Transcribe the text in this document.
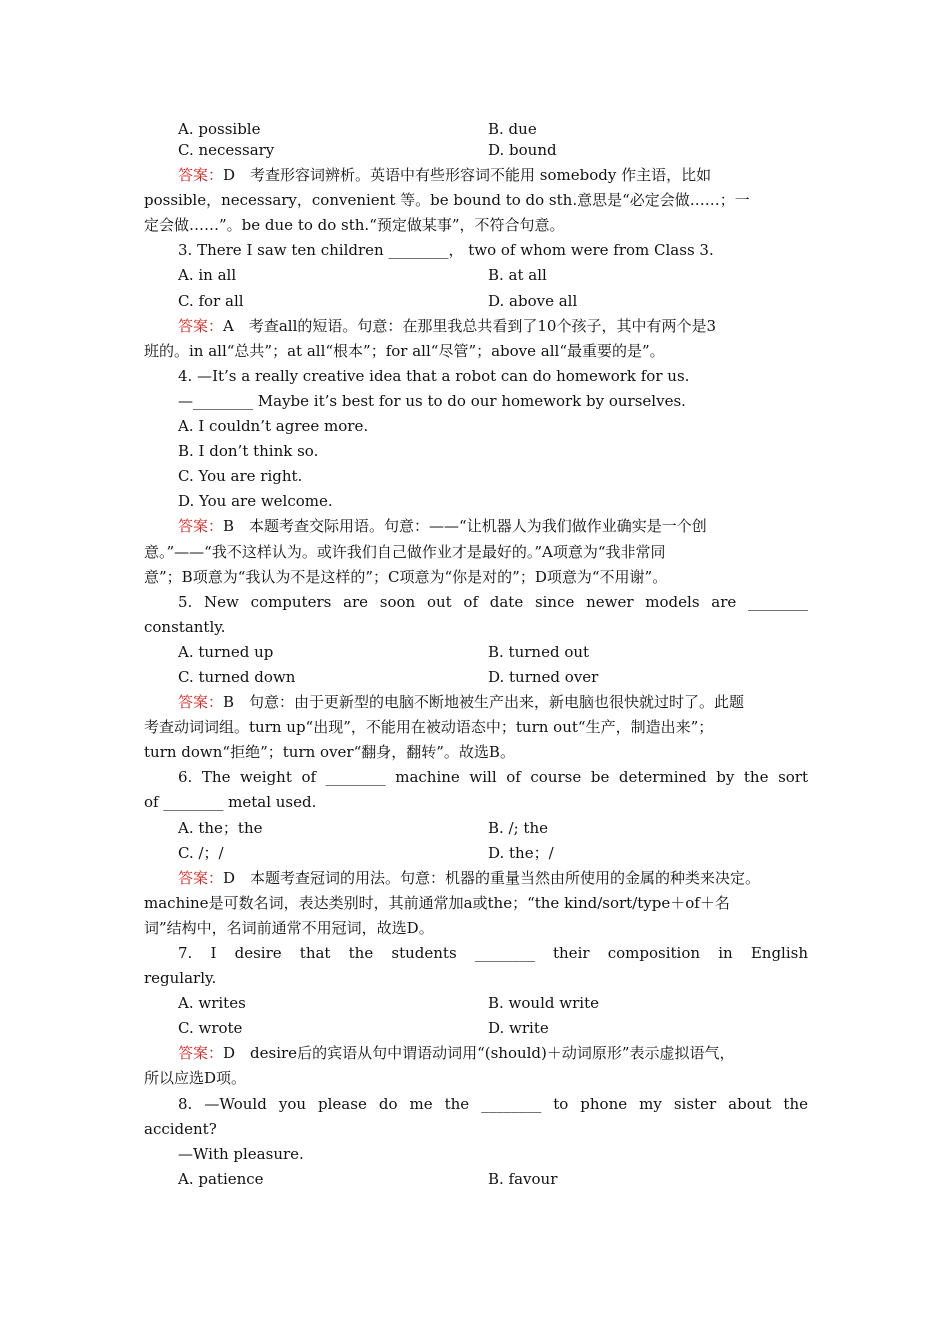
A. possible	B. due
C. necessary	D. bound
答案：D　考查形容词辨析。英语中有些形容词不能用 somebody 作主语，比如
possible，necessary，convenient 等。be bound to do sth.意思是“必定会做……；一
定会做……”。be due to do sth.“预定做某事”，不符合句意。
3. There I saw ten children ________， two of whom were from Class 3.
A. in all	B. at all
C. for all	D. above all
答案：A　考查all的短语。句意：在那里我总共看到了10个孩子，其中有两个是3
班的。in all“总共”；at all“根本”；for all“尽管”；above all“最重要的是”。
4. —It’s a really creative idea that a robot can do homework for us.
—________ Maybe it’s best for us to do our homework by ourselves.
A. I couldn’t agree more.
B. I don’t think so.
C. You are right.
D. You are welcome.
答案：B　本题考查交际用语。句意：——“让机器人为我们做作业确实是一个创
意。”——“我不这样认为。或许我们自己做作业才是最好的。”A项意为“我非常同
意”；B项意为“我认为不是这样的”；C项意为“你是对的”；D项意为“不用谢”。
5. New computers are soon out of date since newer models are ________
constantly.
A. turned up	B. turned out
C. turned down	D. turned over
答案：B　句意：由于更新型的电脑不断地被生产出来，新电脑也很快就过时了。此题
考查动词词组。turn up“出现”，不能用在被动语态中；turn out“生产，制造出来”；
turn down“拒绝”；turn over“翻身，翻转”。故选B。
6. The weight of ________ machine will of course be determined by the sort
of ________ metal used.
A. the；the	B. /; the
C. /；/	D. the；/
答案：D　本题考查冠词的用法。句意：机器的重量当然由所使用的金属的种类来决定。
machine是可数名词，表达类别时，其前通常加a或the；“the kind/sort/type＋of＋名
词”结构中，名词前通常不用冠词，故选D。
7. I desire that the students ________ their composition in English
regularly.
A. writes	B. would write
C. wrote	D. write
答案：D　desire后的宾语从句中谓语动词用“(should)＋动词原形”表示虚拟语气，
所以应选D项。
8. —Would you please do me the ________ to phone my sister about the
accident?
—With pleasure.
A. patience	B. favour
